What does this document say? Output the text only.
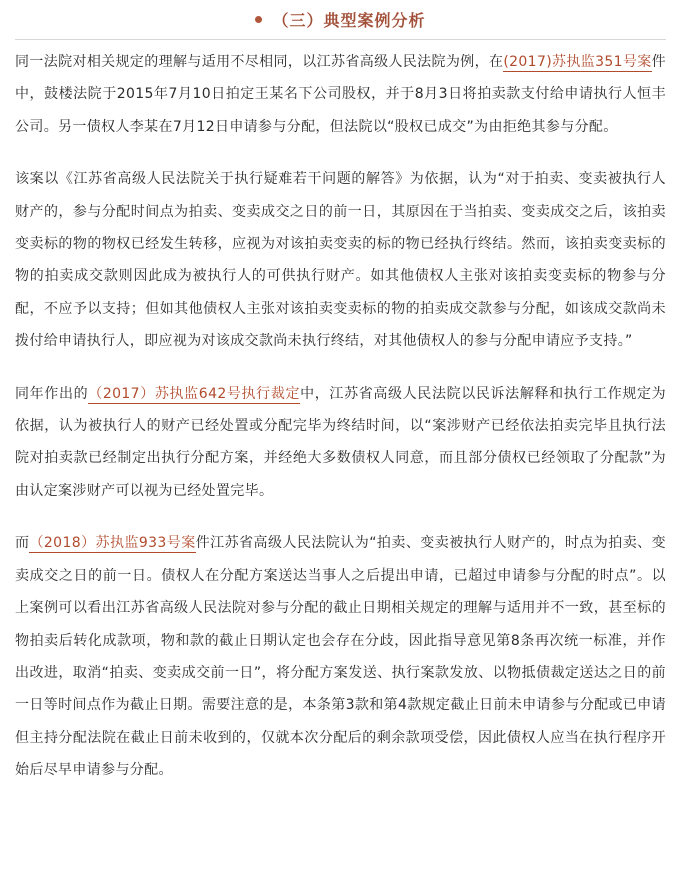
（三）典型案例分析

同一法院对相关规定的理解与适用不尽相同，以江苏省高级人民法院为例，在(2017)苏执监351号案件中，鼓楼法院于2015年7月10日拍定王某名下公司股权，并于8月3日将拍卖款支付给申请执行人恒丰公司。另一债权人李某在7月12日申请参与分配，但法院以“股权已成交”为由拒绝其参与分配。

该案以《江苏省高级人民法院关于执行疑难若干问题的解答》为依据，认为“对于拍卖、变卖被执行人财产的，参与分配时间点为拍卖、变卖成交之日的前一日，其原因在于当拍卖、变卖成交之后，该拍卖变卖标的物的物权已经发生转移，应视为对该拍卖变卖的标的物已经执行终结。然而，该拍卖变卖标的物的拍卖成交款则因此成为被执行人的可供执行财产。如其他债权人主张对该拍卖变卖标的物参与分配，不应予以支持；但如其他债权人主张对该拍卖变卖标的物的拍卖成交款参与分配，如该成交款尚未拨付给申请执行人，即应视为对该成交款尚未执行终结，对其他债权人的参与分配申请应予支持。”

同年作出的（2017）苏执监642号执行裁定中，江苏省高级人民法院以民诉法解释和执行工作规定为依据，认为被执行人的财产已经处置或分配完毕为终结时间，以“案涉财产已经依法拍卖完毕且执行法院对拍卖款已经制定出执行分配方案，并经绝大多数债权人同意，而且部分债权已经领取了分配款”为由认定案涉财产可以视为已经处置完毕。

而（2018）苏执监933号案件江苏省高级人民法院认为“拍卖、变卖被执行人财产的，时点为拍卖、变卖成交之日的前一日。债权人在分配方案送达当事人之后提出申请，已超过申请参与分配的时点”。以上案例可以看出江苏省高级人民法院对参与分配的截止日期相关规定的理解与适用并不一致，甚至标的物拍卖后转化成款项，物和款的截止日期认定也会存在分歧，因此指导意见第8条再次统一标准，并作出改进，取消“拍卖、变卖成交前一日”，将分配方案发送、执行案款发放、以物抵债裁定送达之日的前一日等时间点作为截止日期。需要注意的是，本条第3款和第4款规定截止日前未申请参与分配或已申请但主持分配法院在截止日前未收到的，仅就本次分配后的剩余款项受偿，因此债权人应当在执行程序开始后尽早申请参与分配。
